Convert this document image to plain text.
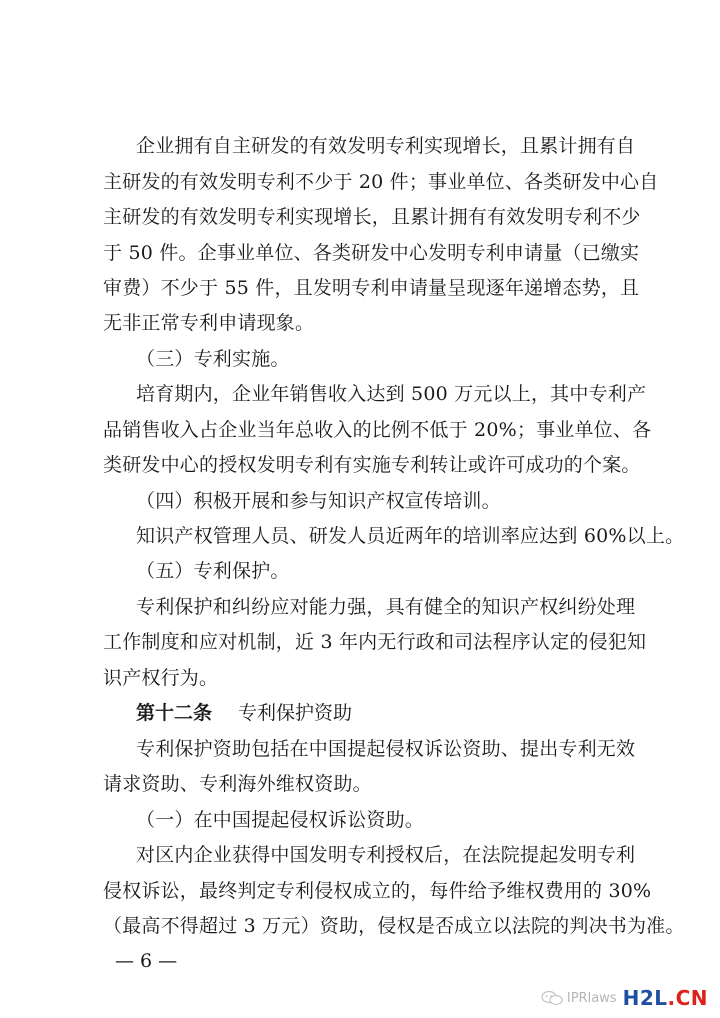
企业拥有自主研发的有效发明专利实现增长，且累计拥有自
主研发的有效发明专利不少于 20 件；事业单位、各类研发中心自
主研发的有效发明专利实现增长，且累计拥有有效发明专利不少
于 50 件。企事业单位、各类研发中心发明专利申请量（已缴实
审费）不少于 55 件，且发明专利申请量呈现逐年递增态势，且
无非正常专利申请现象。
（三）专利实施。
培育期内，企业年销售收入达到 500 万元以上，其中专利产
品销售收入占企业当年总收入的比例不低于 20%；事业单位、各
类研发中心的授权发明专利有实施专利转让或许可成功的个案。
（四）积极开展和参与知识产权宣传培训。
知识产权管理人员、研发人员近两年的培训率应达到 60%以上。
（五）专利保护。
专利保护和纠纷应对能力强，具有健全的知识产权纠纷处理
工作制度和应对机制，近 3 年内无行政和司法程序认定的侵犯知
识产权行为。
第十二条 专利保护资助
专利保护资助包括在中国提起侵权诉讼资助、提出专利无效
请求资助、专利海外维权资助。
（一）在中国提起侵权诉讼资助。
对区内企业获得中国发明专利授权后，在法院提起发明专利
侵权诉讼，最终判定专利侵权成立的，每件给予维权费用的 30%
（最高不得超过 3 万元）资助，侵权是否成立以法院的判决书为准。
— 6 —
IPRlaws H2L.CN
